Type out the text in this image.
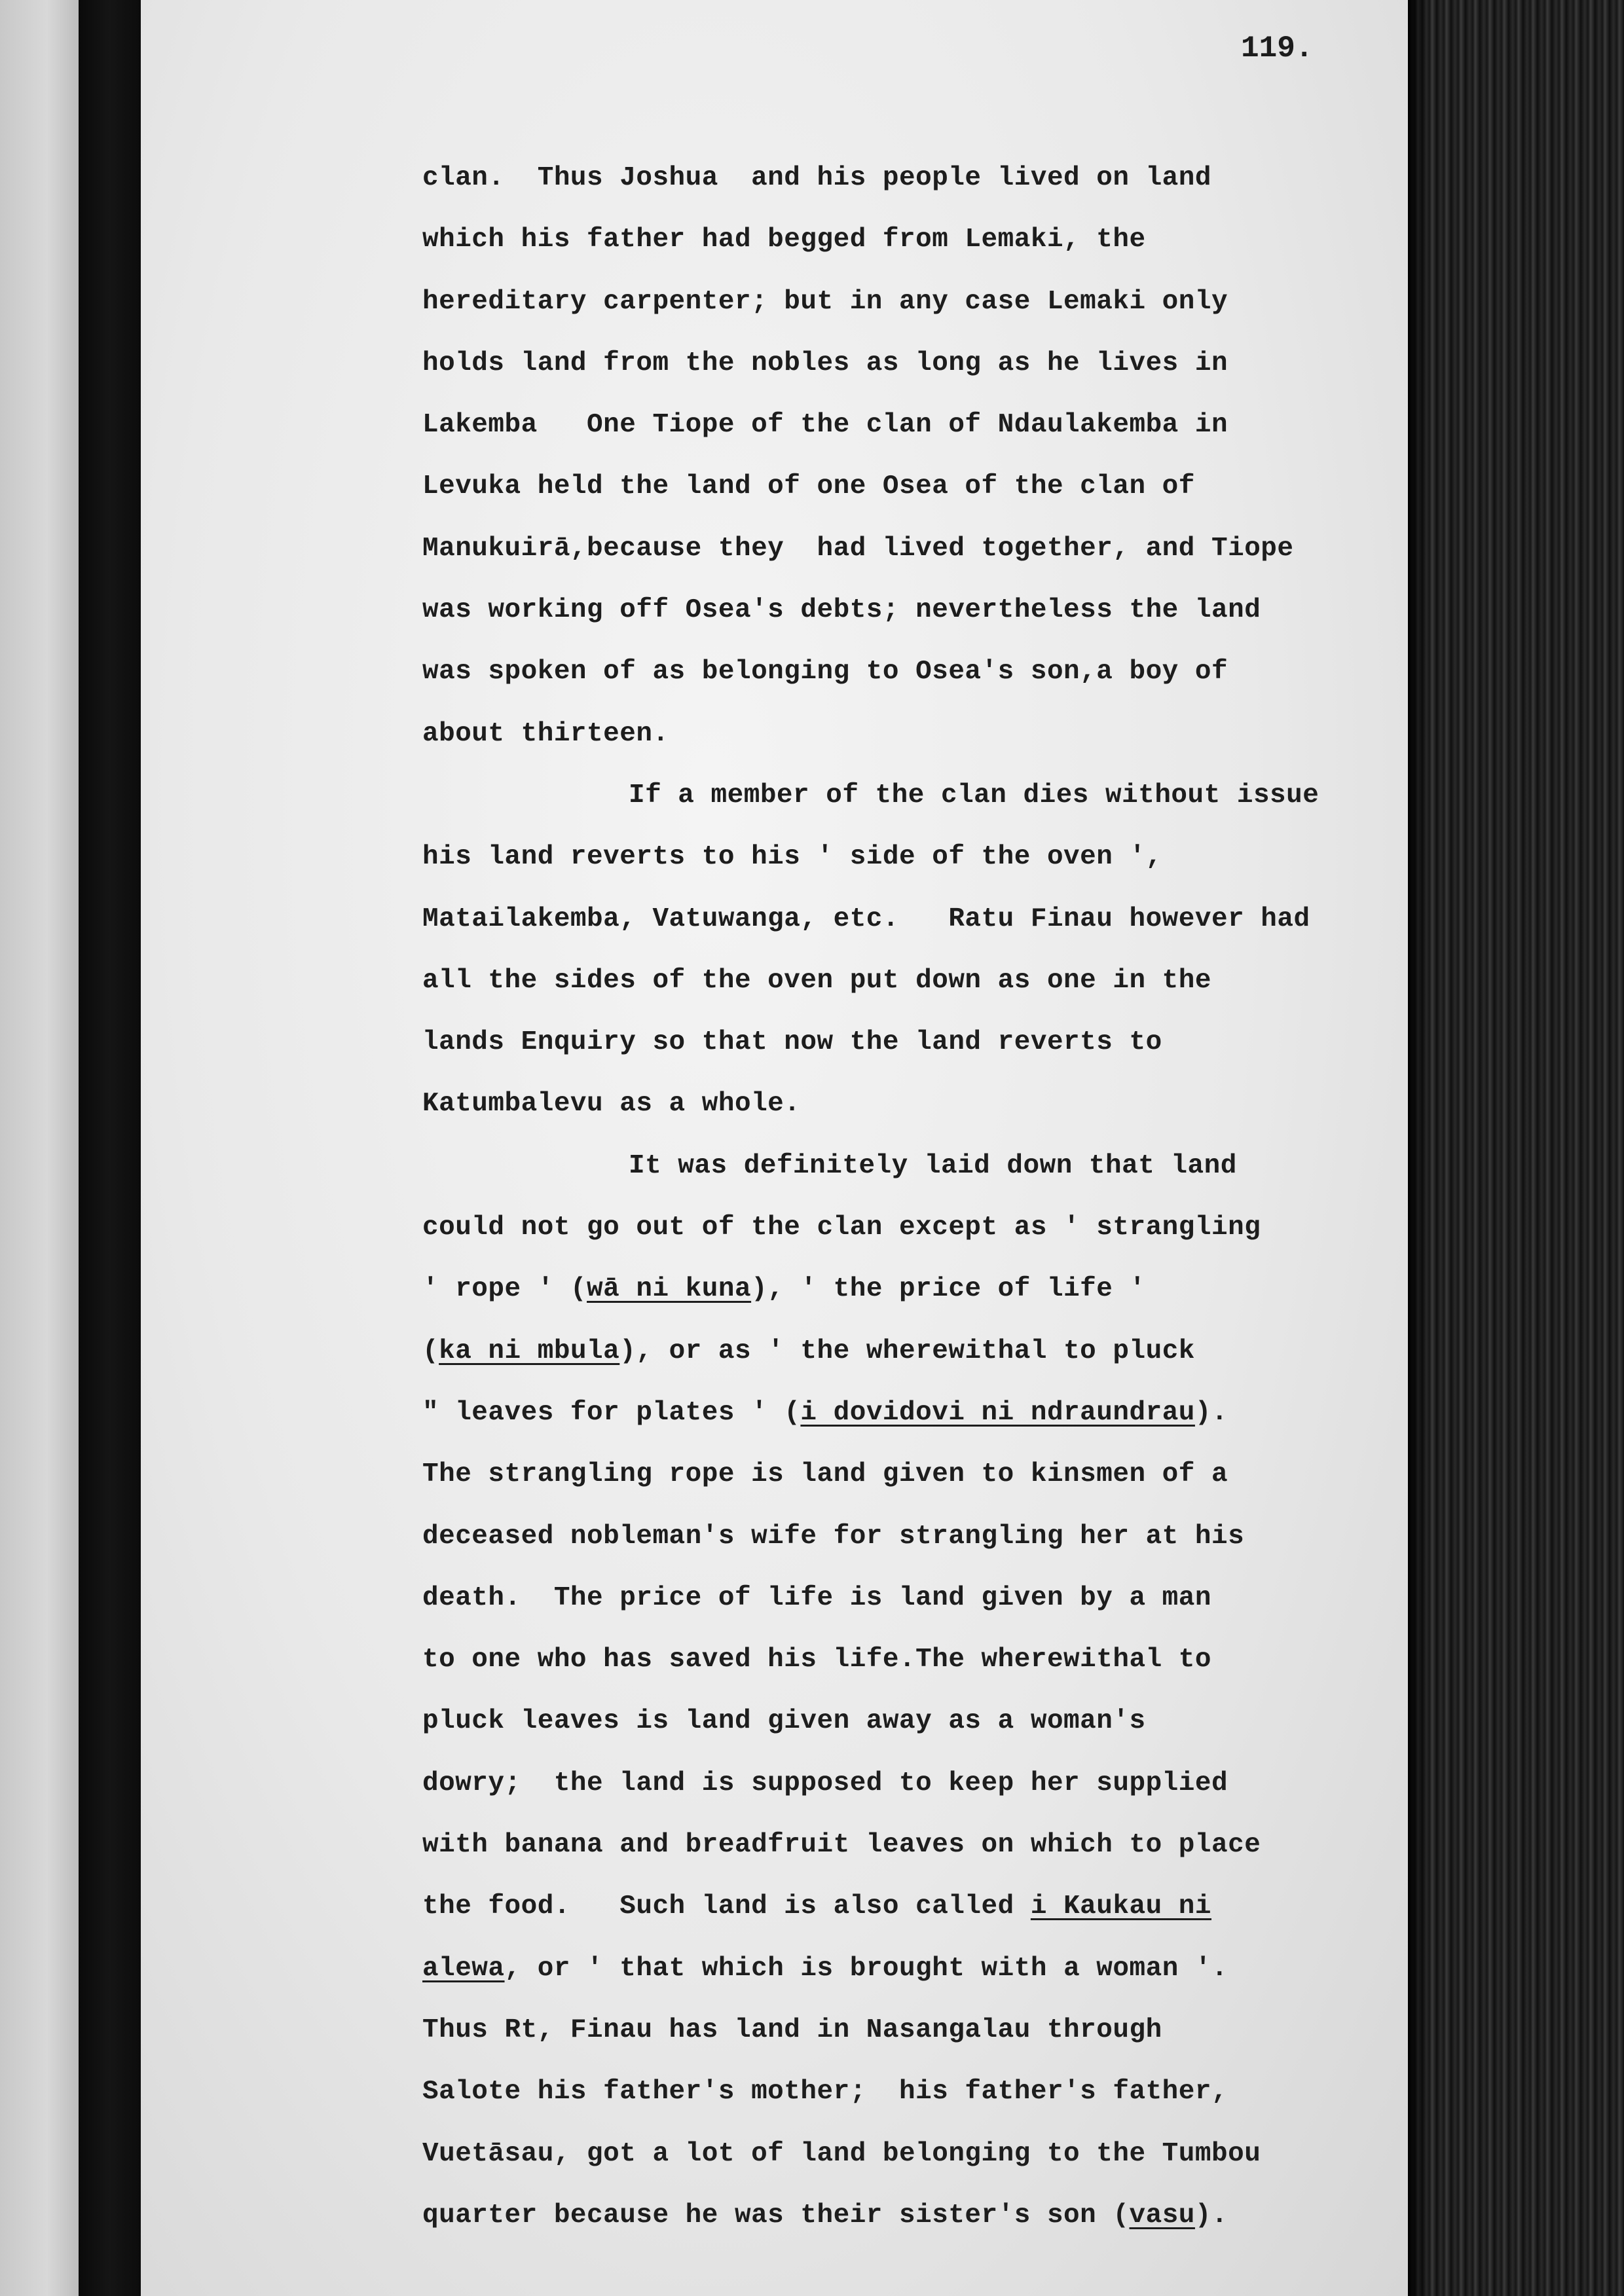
119.
clan.  Thus Joshua  and his people lived on land
which his father had begged from Lemaki, the
hereditary carpenter; but in any case Lemaki only
holds land from the nobles as long as he lives in
Lakemba   One Tiope of the clan of Ndaulakemba in
Levuka held the land of one Osea of the clan of
Manukuirā,because they  had lived together, and Tiope
was working off Osea's debts; nevertheless the land
was spoken of as belonging to Osea's son,a boy of
about thirteen.
If a member of the clan dies without issue
his land reverts to his ' side of the oven ',
Matailakemba, Vatuwanga, etc.   Ratu Finau however had
all the sides of the oven put down as one in the
lands Enquiry so that now the land reverts to
Katumbalevu as a whole.
It was definitely laid down that land
could not go out of the clan except as ' strangling
' rope ' (wā ni kuna), ' the price of life '
(ka ni mbula), or as ' the wherewithal to pluck
" leaves for plates ' (i dovidovi ni ndraundrau).
The strangling rope is land given to kinsmen of a
deceased nobleman's wife for strangling her at his
death.  The price of life is land given by a man
to one who has saved his life.The wherewithal to
pluck leaves is land given away as a woman's
dowry;  the land is supposed to keep her supplied
with banana and breadfruit leaves on which to place
the food.   Such land is also called i Kaukau ni
alewa, or ' that which is brought with a woman '.
Thus Rt, Finau has land in Nasangalau through
Salote his father's mother;  his father's father,
Vuetāsau, got a lot of land belonging to the Tumbou
quarter because he was their sister's son (vasu).
